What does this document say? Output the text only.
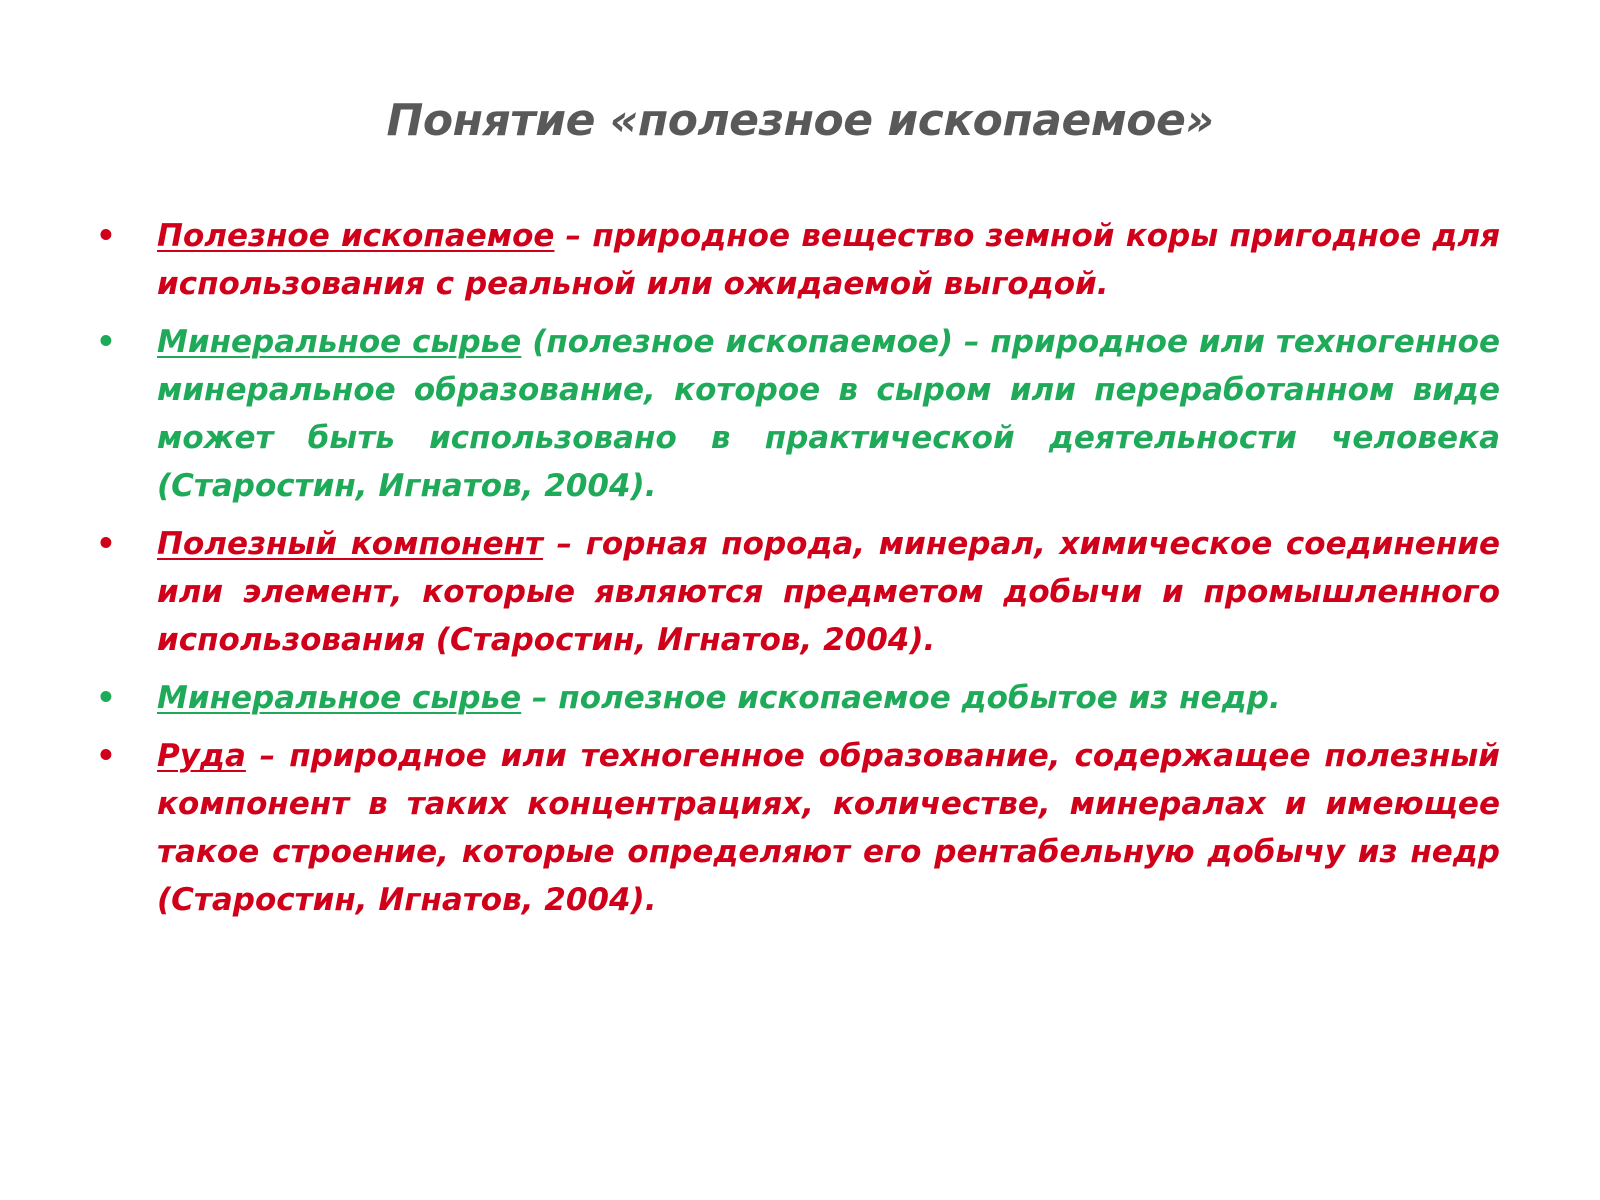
Понятие «полезное ископаемое»
• Полезное ископаемое – природное вещество земной коры пригодное для использования с реальной или ожидаемой выгодой.
• Минеральное сырье (полезное ископаемое) – природное или техногенное минеральное образование, которое в сыром или переработанном виде может быть использовано в практической деятельности человека (Старостин, Игнатов, 2004).
• Полезный компонент – горная порода, минерал, химическое соединение или элемент, которые являются предметом добычи и промышленного использования (Старостин, Игнатов, 2004).
• Минеральное сырье – полезное ископаемое добытое из недр.
• Руда – природное или техногенное образование, содержащее полезный компонент в таких концентрациях, количестве, минералах и имеющее такое строение, которые определяют его рентабельную добычу из недр (Старостин, Игнатов, 2004).
